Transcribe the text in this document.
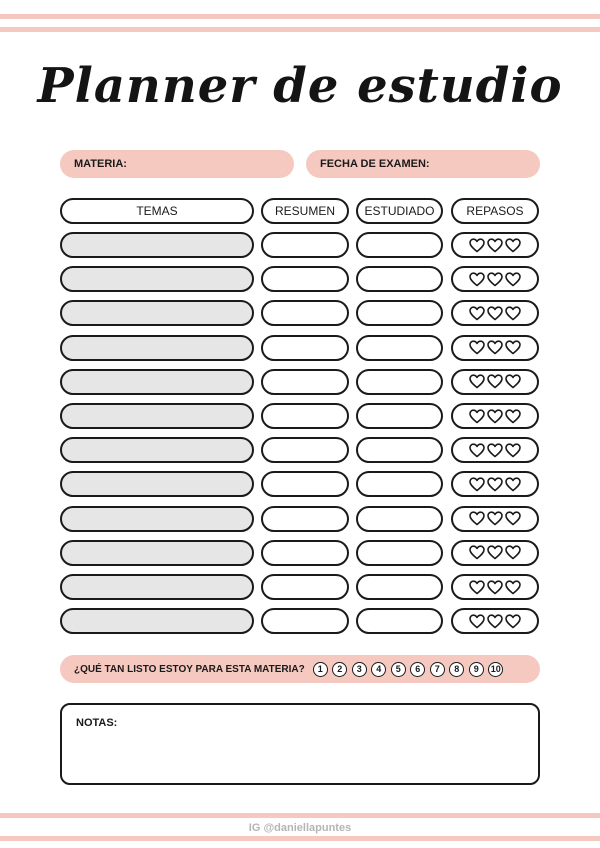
Planner de estudio
MATERIA:	FECHA DE EXAMEN:
TEMAS	RESUMEN	ESTUDIADO	REPASOS
¿QUÉ TAN LISTO ESTOY PARA ESTA MATERIA?	1	2	3	4	5	6	7	8	9	10
NOTAS:
IG @daniellapuntes
